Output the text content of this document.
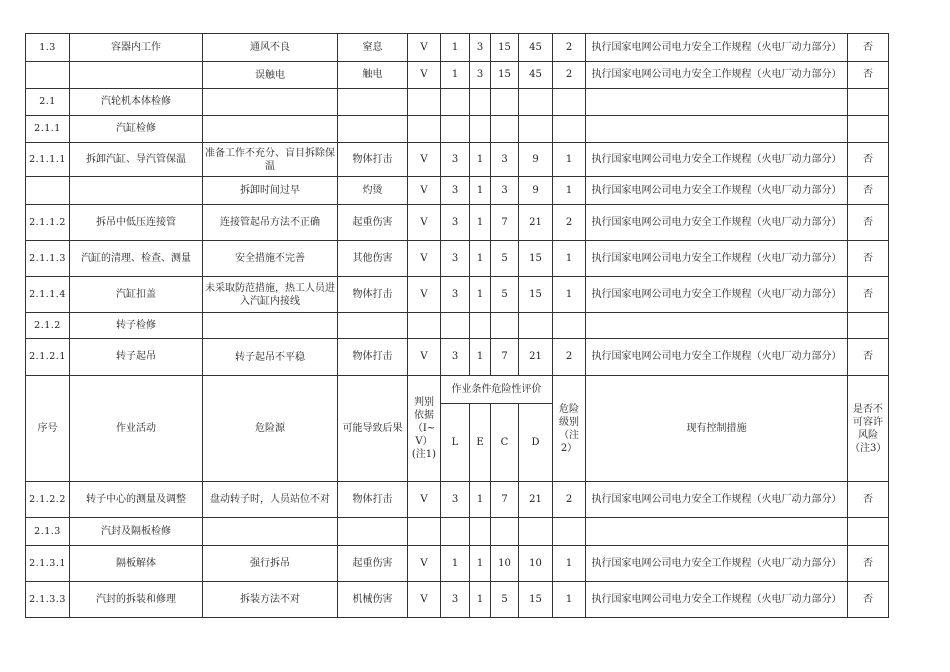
1.3	容器内工作	通风不良	窒息	V	1	3	15	45	2	执行国家电网公司电力安全工作规程（火电厂动力部分）	否
		误触电	触电	V	1	3	15	45	2	执行国家电网公司电力安全工作规程（火电厂动力部分）	否
2.1	汽轮机本体检修										
2.1.1	汽缸检修										
2.1.1.1	拆卸汽缸、导汽管保温	准备工作不充分、盲目拆除保温	物体打击	V	3	1	3	9	1	执行国家电网公司电力安全工作规程（火电厂动力部分）	否
		拆卸时间过早	灼烫	V	3	1	3	9	1	执行国家电网公司电力安全工作规程（火电厂动力部分）	否
2.1.1.2	拆吊中低压连接管	连接管起吊方法不正确	起重伤害	V	3	1	7	21	2	执行国家电网公司电力安全工作规程（火电厂动力部分）	否
2.1.1.3	汽缸的清理、检查、测量	安全措施不完善	其他伤害	V	3	1	5	15	1	执行国家电网公司电力安全工作规程（火电厂动力部分）	否
2.1.1.4	汽缸扣盖	未采取防范措施，热工人员进入汽缸内接线	物体打击	V	3	1	5	15	1	执行国家电网公司电力安全工作规程（火电厂动力部分）	否
2.1.2	转子检修										
2.1.2.1	转子起吊	转子起吊不平稳	物体打击	V	3	1	7	21	2	执行国家电网公司电力安全工作规程（火电厂动力部分）	否
序号	作业活动	危险源	可能导致后果	判别依据（Ⅰ~Ⅴ）(注1)	作业条件危险性评价				危险级别（注2）	现有控制措施	是否不可容许风险（注3）
					L	E	C	D			
2.1.2.2	转子中心的测量及调整	盘动转子时，人员站位不对	物体打击	V	3	1	7	21	2	执行国家电网公司电力安全工作规程（火电厂动力部分）	否
2.1.3	汽封及隔板检修										
2.1.3.1	隔板解体	强行拆吊	起重伤害	V	1	1	10	10	1	执行国家电网公司电力安全工作规程（火电厂动力部分）	否
2.1.3.3	汽封的拆装和修理	拆装方法不对	机械伤害	V	3	1	5	15	1	执行国家电网公司电力安全工作规程（火电厂动力部分）	否
